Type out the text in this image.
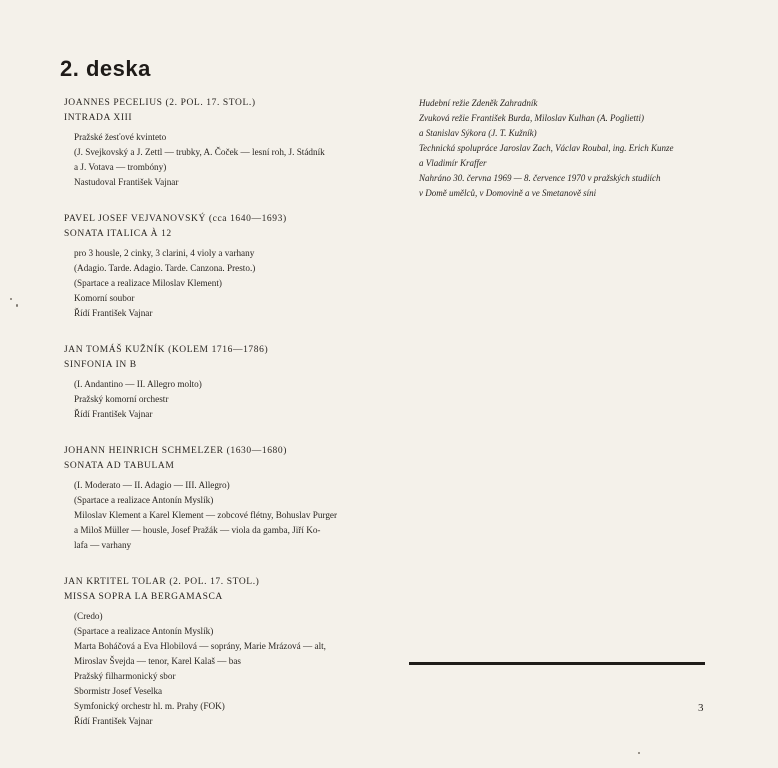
2. deska
JOANNES PECELIUS (2. POL. 17. STOL.)
INTRADA XIII
Pražské žesťové kvinteto
(J. Svejkovský a J. Zettl — trubky, A. Čoček — lesní roh, J. Stádník
a J. Votava — trombóny)
Nastudoval František Vajnar
PAVEL JOSEF VEJVANOVSKÝ (cca 1640—1693)
SONATA ITALICA À 12
pro 3 housle, 2 cinky, 3 clarini, 4 violy a varhany
(Adagio. Tarde. Adagio. Tarde. Canzona. Presto.)
(Spartace a realizace Miloslav Klement)
Komorní soubor
Řídí František Vajnar
JAN TOMÁŠ KUŽNÍK (KOLEM 1716—1786)
SINFONIA IN B
(I. Andantino — II. Allegro molto)
Pražský komorní orchestr
Řídí František Vajnar
JOHANN HEINRICH SCHMELZER (1630—1680)
SONATA AD TABULAM
(I. Moderato — II. Adagio — III. Allegro)
(Spartace a realizace Antonín Myslík)
Miloslav Klement a Karel Klement — zobcové flétny, Bohuslav Purger
a Miloš Müller — housle, Josef Pražák — viola da gamba, Jiří Ko-
lafa — varhany
JAN KRTITEL TOLAR (2. POL. 17. STOL.)
MISSA SOPRA LA BERGAMASCA
(Credo)
(Spartace a realizace Antonín Myslík)
Marta Boháčová a Eva Hlobilová — soprány, Marie Mrázová — alt,
Miroslav Švejda — tenor, Karel Kalaš — bas
Pražský filharmonický sbor
Sbormistr Josef Veselka
Symfonický orchestr hl. m. Prahy (FOK)
Řídí František Vajnar
Hudební režie Zdeněk Zahradník
Zvuková režie František Burda, Miloslav Kulhan (A. Poglietti)
a Stanislav Sýkora (J. T. Kužník)
Technická spolupráce Jaroslav Zach, Václav Roubal, ing. Erich Kunze
a Vladimír Kraffer
Nahráno 30. června 1969 — 8. července 1970 v pražských studiích
v Domě umělců, v Domovině a ve Smetanově síni
3
